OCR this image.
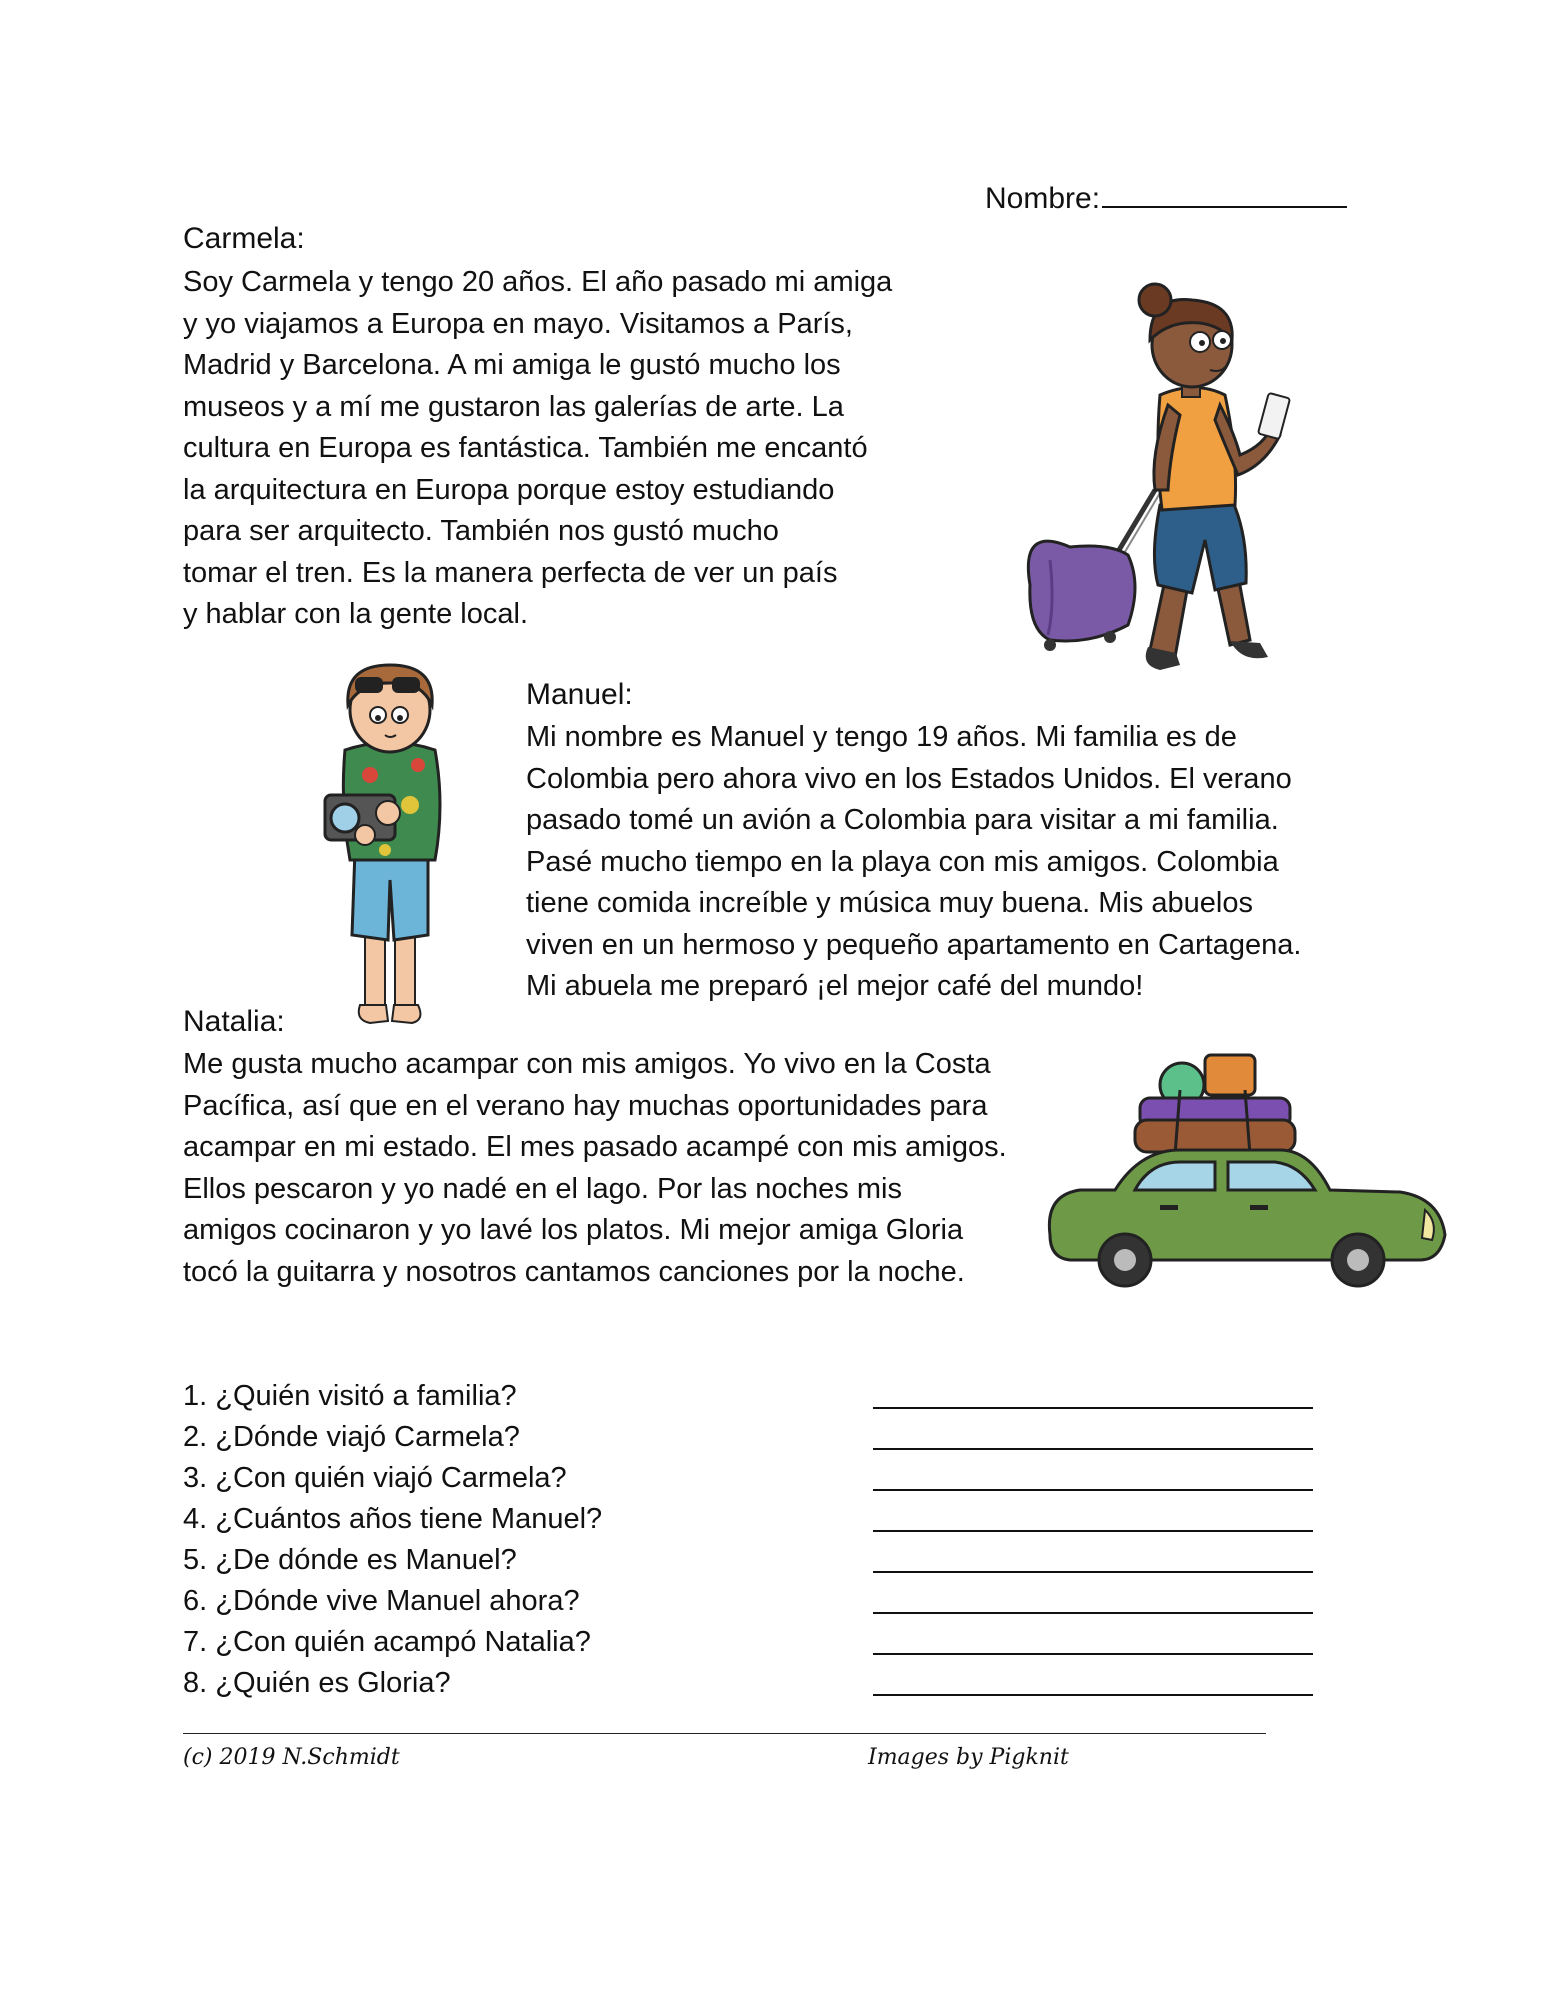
Nombre:
Carmela:
Soy Carmela y tengo 20 años. El año pasado mi amiga
y yo viajamos a Europa en mayo. Visitamos a París,
Madrid y Barcelona. A mi amiga le gustó mucho los
museos y a mí me gustaron las galerías de arte. La
cultura en Europa es fantástica. También me encantó
la arquitectura en Europa porque estoy estudiando
para ser arquitecto. También nos gustó mucho
tomar el tren. Es la manera perfecta de ver un país
y hablar con la gente local.
Manuel:
Mi nombre es Manuel y tengo 19 años. Mi familia es de
Colombia pero ahora vivo en los Estados Unidos. El verano
pasado tomé un avión a Colombia para visitar a mi familia.
Pasé mucho tiempo en la playa con mis amigos. Colombia
tiene comida increíble y música muy buena. Mis abuelos
viven en un hermoso y pequeño apartamento en Cartagena.
Mi abuela me preparó ¡el mejor café del mundo!
Natalia:
Me gusta mucho acampar con mis amigos. Yo vivo en la Costa
Pacífica, así que en el verano hay muchas oportunidades para
acampar en mi estado. El mes pasado acampé con mis amigos.
Ellos pescaron y yo nadé en el lago. Por las noches mis
amigos cocinaron y yo lavé los platos. Mi mejor amiga Gloria
tocó la guitarra y nosotros cantamos canciones por la noche.
1. ¿Quién visitó a familia?
2. ¿Dónde viajó Carmela?
3. ¿Con quién viajó Carmela?
4. ¿Cuántos años tiene Manuel?
5. ¿De dónde es Manuel?
6. ¿Dónde vive Manuel ahora?
7. ¿Con quién acampó Natalia?
8. ¿Quién es Gloria?
(c) 2019 N.Schmidt	Images by Pigknit
